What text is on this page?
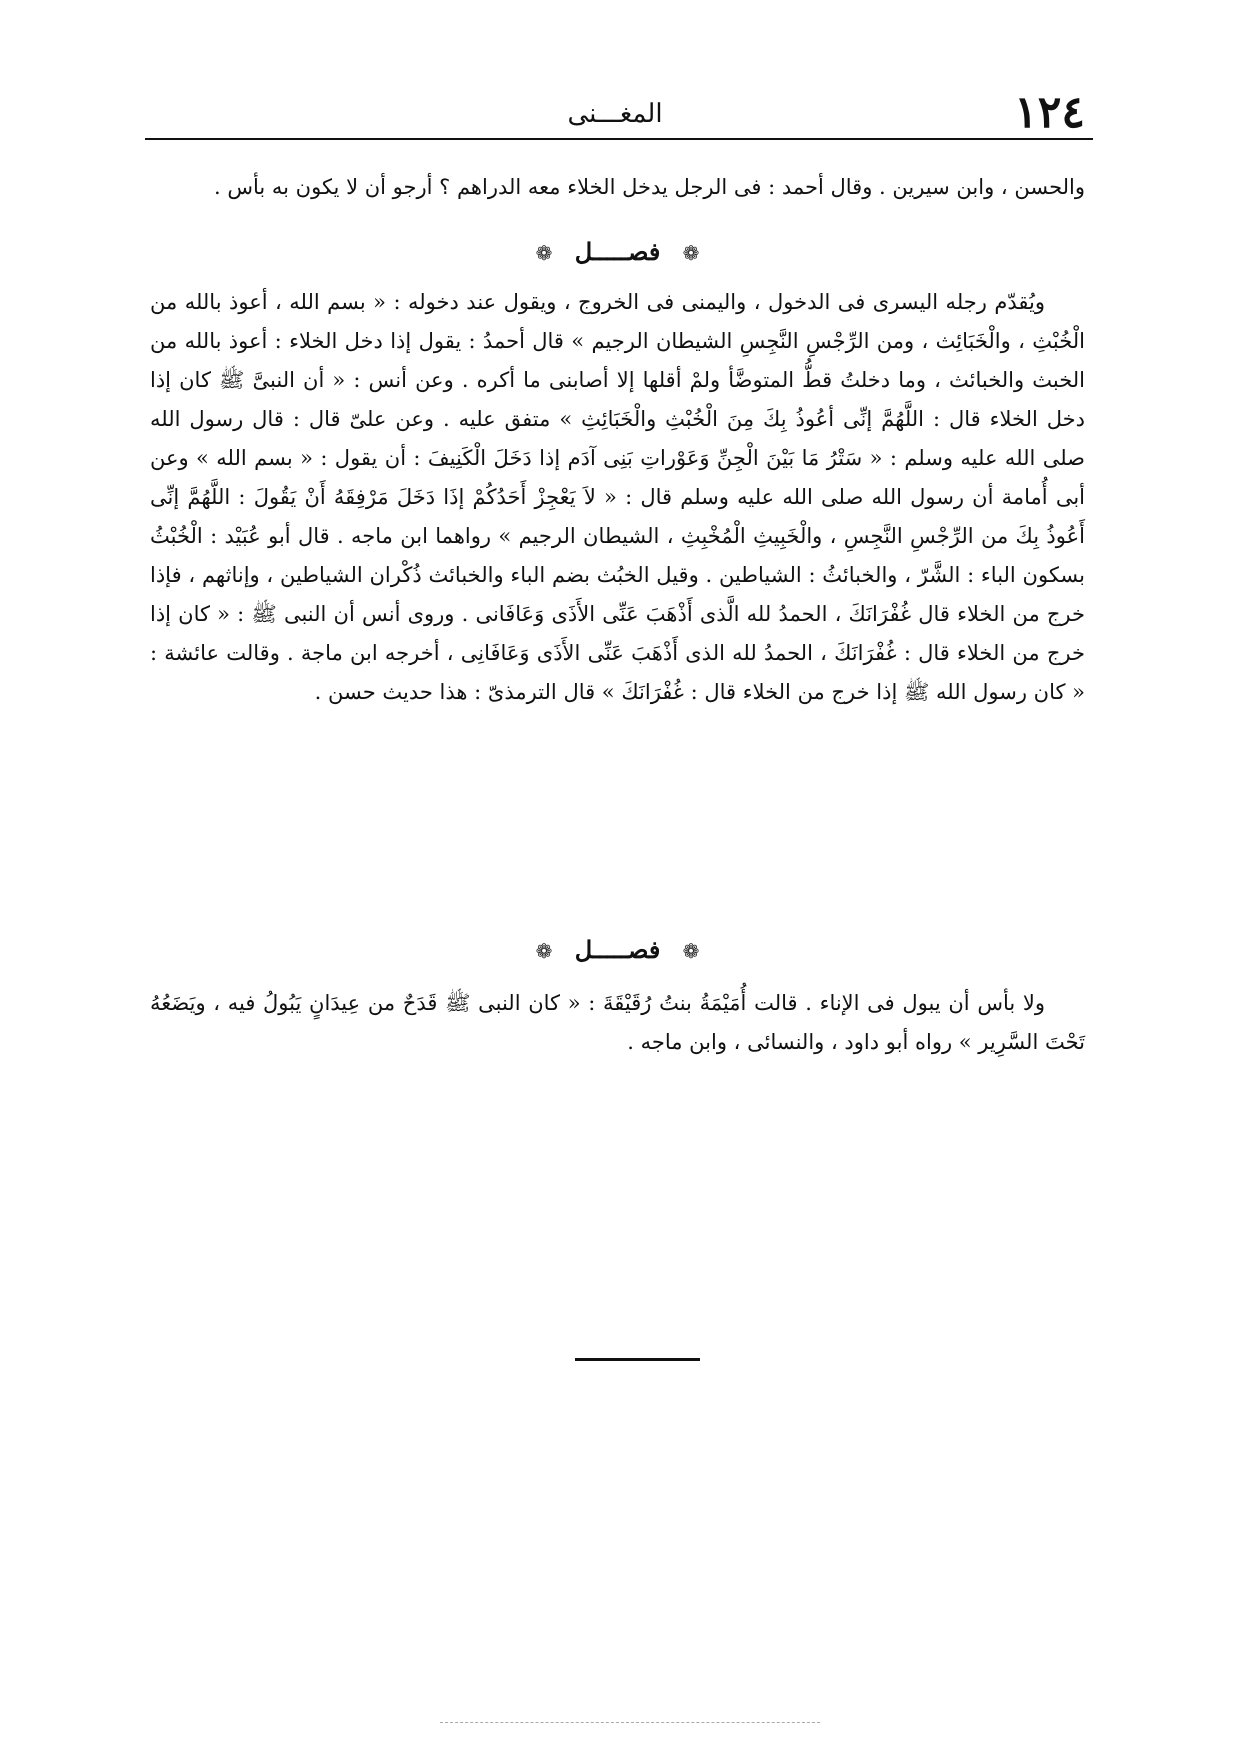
١٢٤
المغـــنى

والحسن ، وابن سيرين . وقال أحمد : فى الرجل يدخل الخلاء معه الدراهم ؟ أرجو أن لا يكون به بأس .

❁ فصـــــل ❁

ويُقدّم رجله اليسرى فى الدخول ، واليمنى فى الخروج ، ويقول عند دخوله : « بسم الله ، أعوذ بالله من الْخُبْثِ ، والْخَبَائِث ، ومن الرِّجْسِ النَّجِسِ الشيطان الرجيم » قال أحمدُ : يقول إذا دخل الخلاء : أعوذ بالله من الخبث والخبائث ، وما دخلتُ قطُّ المتوضَّأ ولمْ أقلها إلا أصابنى ما أكره . وعن أنس : « أن النبىَّ ﷺ كان إذا دخل الخلاء قال : اللَّهُمَّ إنِّى أعُوذُ بِكَ مِنَ الْخُبْثِ والْخَبَائِثِ » متفق عليه . وعن علىّ قال : قال رسول الله صلى الله عليه وسلم : « سَتْرُ مَا بَيْنَ الْجِنِّ وَعَوْراتِ بَنِى آدَم إذا دَخَلَ الْكَنِيفَ : أن يقول : « بسم الله » وعن أبى أُمامة أن رسول الله صلى الله عليه وسلم قال : « لاَ يَعْجِزْ أَحَدُكُمْ إذَا دَخَلَ مَرْفِقَهُ أَنْ يَقُولَ : اللَّهُمَّ إنِّى أَعُوذُ بِكَ من الرِّجْسِ النَّجِسِ ، والْخَبِيثِ الْمُخْبِثِ ، الشيطان الرجيم » رواهما ابن ماجه . قال أبو عُبَيْد : الْخُبْثُ بسكون الباء : الشَّرّ ، والخبائثُ : الشياطين . وقيل الخبُث بضم الباء والخبائث ذُكْران الشياطين ، وإناثهم ، فإذا خرج من الخلاء قال غُفْرَانَكَ ، الحمدُ لله الَّذى أَذْهَبَ عَنِّى الأَذَى وَعَافَانى . وروى أنس أن النبى ﷺ : « كان إذا خرج من الخلاء قال : غُفْرَانَكَ ، الحمدُ لله الذى أَذْهَبَ عَنِّى الأَذَى وَعَافَانِى ، أخرجه ابن ماجة . وقالت عائشة : « كان رسول الله ﷺ إذا خرج من الخلاء قال : غُفْرَانَكَ » قال الترمذىّ : هذا حديث حسن .

❁ فصـــــل ❁

ولا بأس أن يبول فى الإناء . قالت أُمَيْمَةُ بنتُ رُقَيْقَةَ : « كان النبى ﷺ قَدَحٌ من عِيدَانٍ يَبُولُ فيه ، ويَضَعُهُ تَحْتَ السَّرِير » رواه أبو داود ، والنسائى ، وابن ماجه .
